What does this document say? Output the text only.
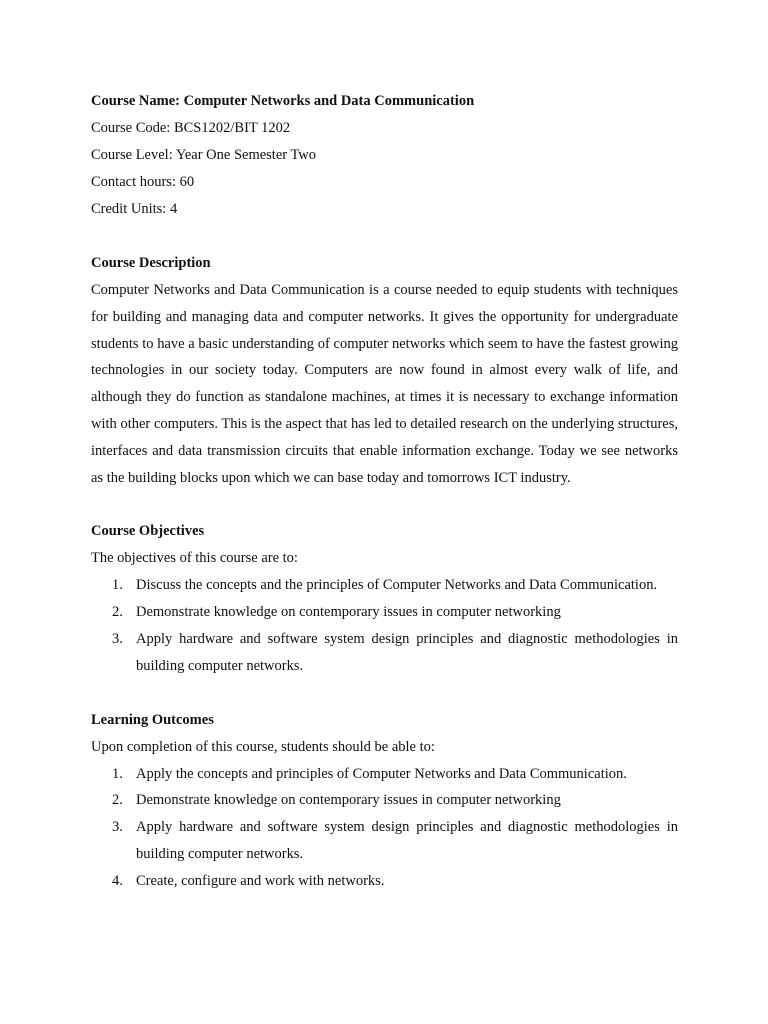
Course Name: Computer Networks and Data Communication
Course Code: BCS1202/BIT 1202
Course Level: Year One Semester Two
Contact hours: 60
Credit Units: 4
Course Description

Computer Networks and Data Communication is a course needed to equip students with techniques for building and managing data and computer networks. It gives the opportunity for undergraduate students to have a basic understanding of computer networks which seem to have the fastest growing technologies in our society today. Computers are now found in almost every walk of life, and although they do function as standalone machines, at times it is necessary to exchange information with other computers. This is the aspect that has led to detailed research on the underlying structures, interfaces and data transmission circuits that enable information exchange. Today we see networks as the building blocks upon which we can base today and tomorrows ICT industry.

Course Objectives
The objectives of this course are to:
1. Discuss the concepts and the principles of Computer Networks and Data Communication.
2. Demonstrate knowledge on contemporary issues in computer networking
3. Apply hardware and software system design principles and diagnostic methodologies in building computer networks.
Learning Outcomes
Upon completion of this course, students should be able to:
1. Apply the concepts and principles of Computer Networks and Data Communication.
2. Demonstrate knowledge on contemporary issues in computer networking
3. Apply hardware and software system design principles and diagnostic methodologies in building computer networks.
4. Create, configure and work with networks.
